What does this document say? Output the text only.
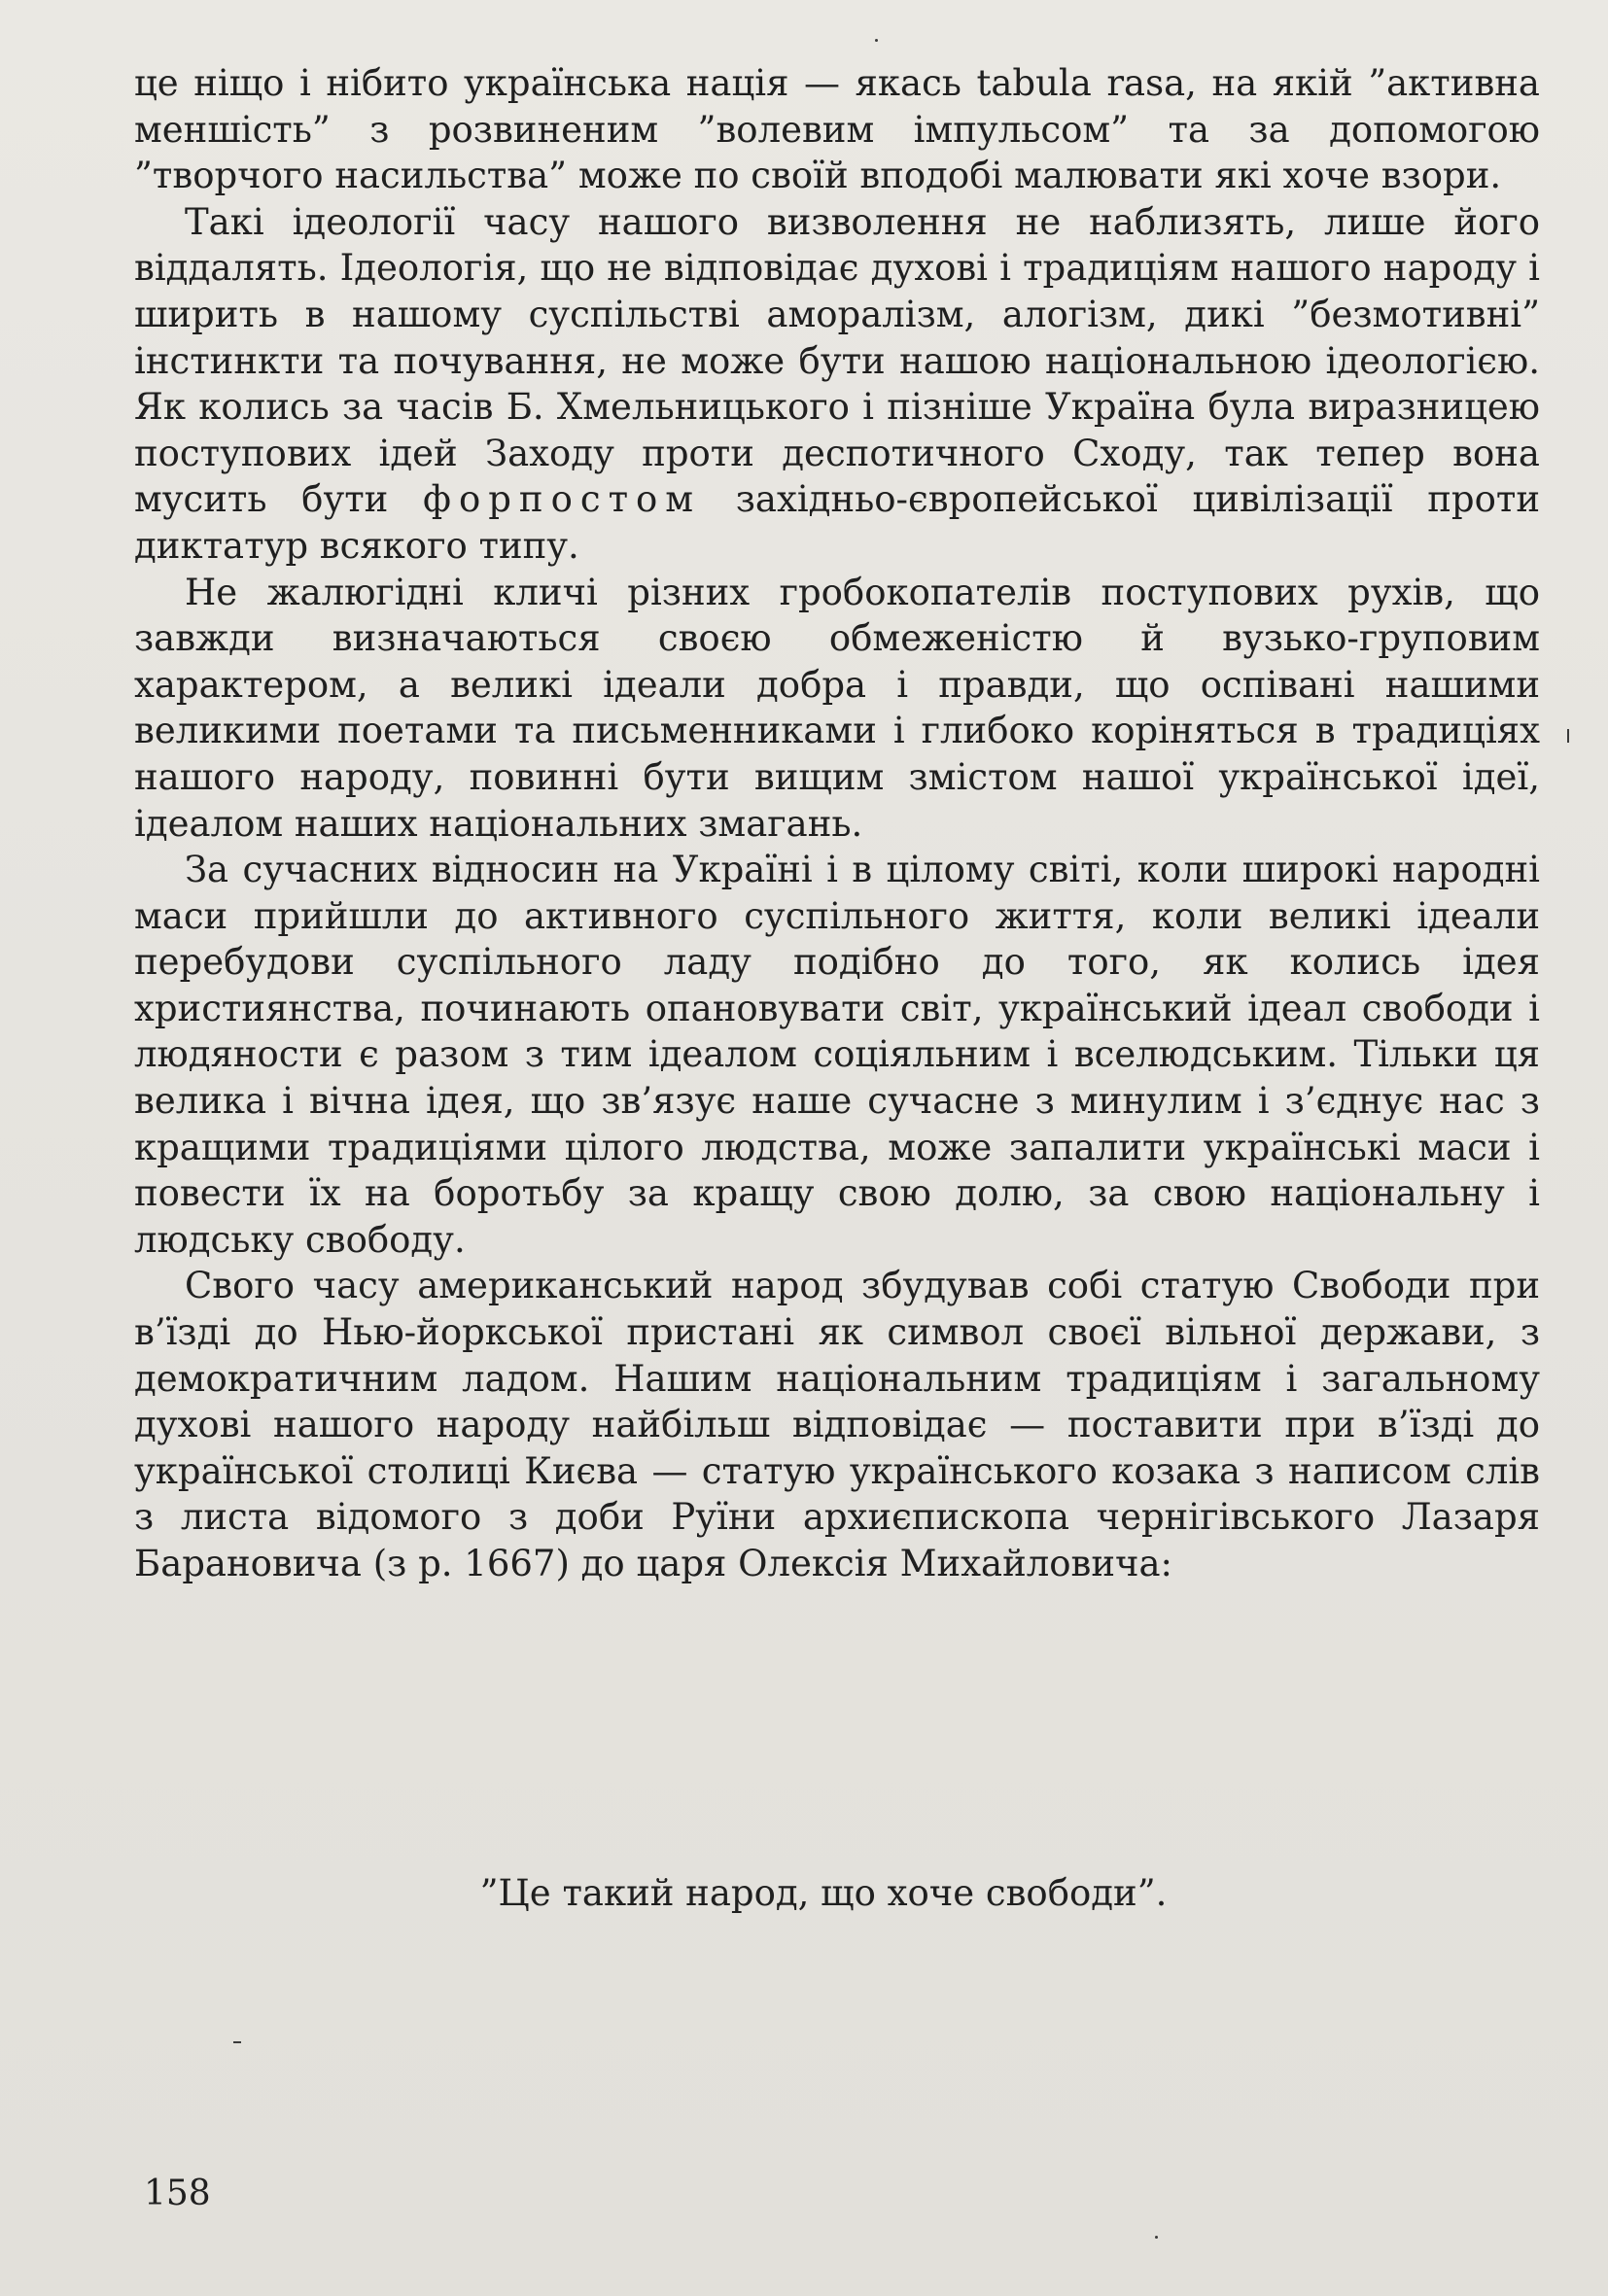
це ніщо і нібито українська нація — якась tabula rasa, на якій ”активна меншість” з розвиненим ”волевим імпульсом” та за допомогою ”творчого насильства” може по своїй вподобі малювати які хоче взори.

Такі ідеології часу нашого визволення не наблизять, лише його віддалять. Ідеологія, що не відповідає духові і традиціям нашого народу і ширить в нашому суспільстві аморалізм, алогізм, дикі ”безмотивні” інстинкти та почування, не може бути нашою національною ідеологією. Як колись за часів Б. Хмельницького і пізніше Україна була виразницею поступових ідей Заходу проти деспотичного Сходу, так тепер вона мусить бути форпостом західньо-європейської цивілізації проти диктатур всякого типу.

Не жалюгідні кличі різних гробокопателів поступових рухів, що завжди визначаються своєю обмеженістю й вузько-груповим характером, а великі ідеали добра і правди, що оспівані нашими великими поетами та письменниками і глибоко коріняться в традиціях нашого народу, повинні бути вищим змістом нашої української ідеї, ідеалом наших національних змагань.

За сучасних відносин на Україні і в цілому світі, коли широкі народні маси прийшли до активного суспільного життя, коли великі ідеали перебудови суспільного ладу подібно до того, як колись ідея християнства, починають опановувати світ, український ідеал свободи і людяности є разом з тим ідеалом соціяльним і вселюдським. Тільки ця велика і вічна ідея, що зв’язує наше сучасне з минулим і з’єднує нас з кращими традиціями цілого людства, може запалити українські маси і повести їх на боротьбу за кращу свою долю, за свою національну і людську свободу.

Свого часу американський народ збудував собі статую Свободи при в’їзді до Нью-йоркської пристані як символ своєї вільної держави, з демократичним ладом. Нашим національним традиціям і загальному духові нашого народу найбільш відповідає — поставити при в’їзді до української столиці Києва — статую українського козака з написом слів з листа відомого з доби Руїни архиєпископа чернігівського Лазаря Барановича (з р. 1667) до царя Олексія Михайловича:

”Це такий народ, що хоче свободи”.
158
